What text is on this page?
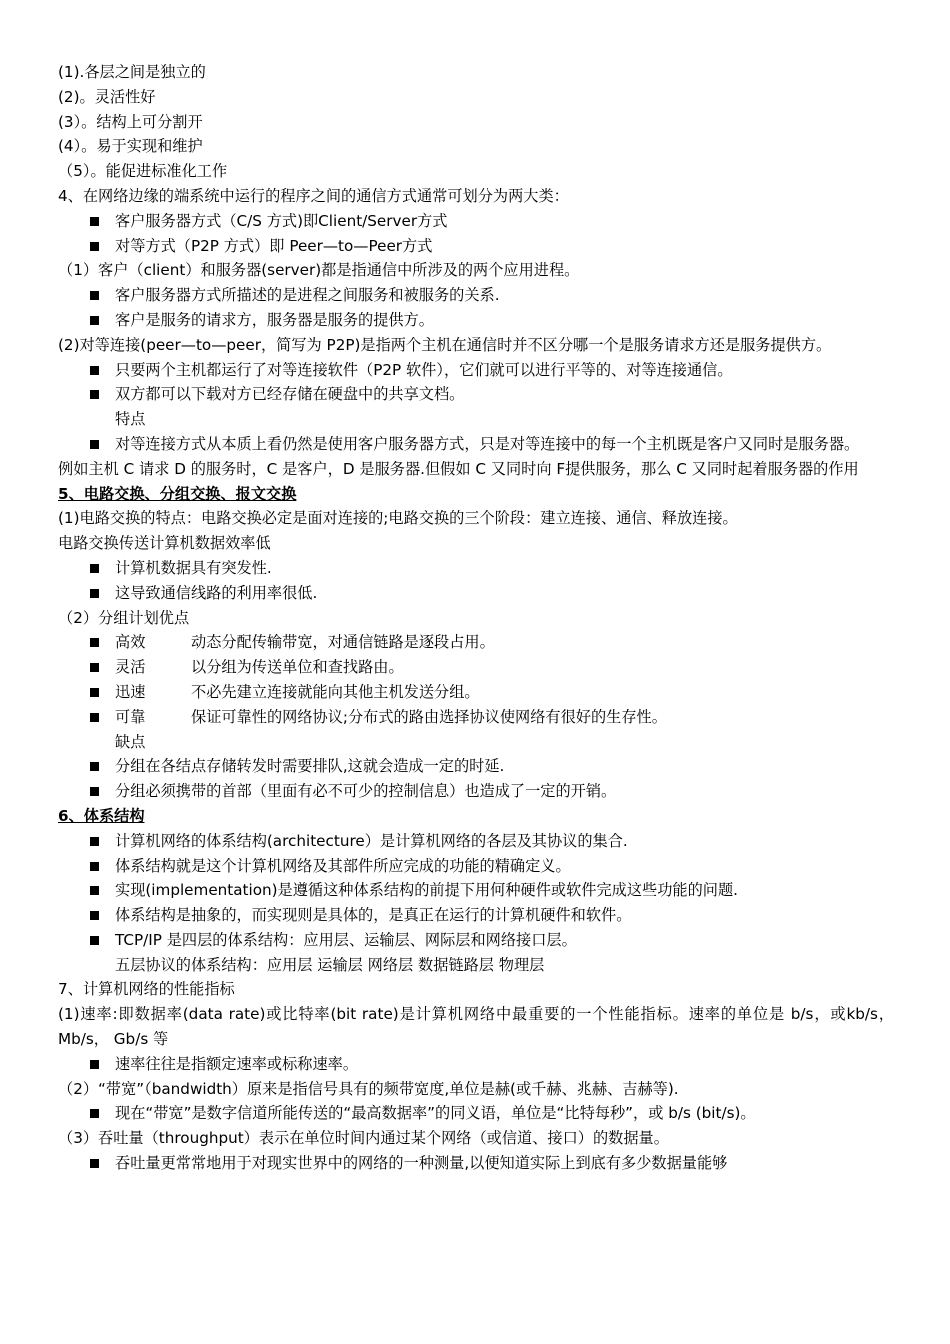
(1).各层之间是独立的
(2)。灵活性好
(3）。结构上可分割开
(4）。易于实现和维护
（5）。能促进标准化工作
4、在网络边缘的端系统中运行的程序之间的通信方式通常可划分为两大类：
客户服务器方式（C/S 方式)即Client/Server方式
对等方式（P2P 方式）即 Peer—to—Peer方式
（1）客户（client）和服务器(server)都是指通信中所涉及的两个应用进程。
客户服务器方式所描述的是进程之间服务和被服务的关系.
客户是服务的请求方，服务器是服务的提供方。
(2)对等连接(peer—to—peer，简写为 P2P)是指两个主机在通信时并不区分哪一个是服务请求方还是服务提供方。
只要两个主机都运行了对等连接软件（P2P 软件），它们就可以进行平等的、对等连接通信。
双方都可以下载对方已经存储在硬盘中的共享文档。
特点
对等连接方式从本质上看仍然是使用客户服务器方式，只是对等连接中的每一个主机既是客户又同时是服务器。
例如主机 C 请求 D 的服务时，C 是客户，D 是服务器.但假如 C 又同时向 F提供服务，那么 C 又同时起着服务器的作用
5、电路交换、分组交换、报文交换
(1)电路交换的特点：电路交换必定是面对连接的;电路交换的三个阶段：建立连接、通信、释放连接。
电路交换传送计算机数据效率低
计算机数据具有突发性.
这导致通信线路的利用率很低.
（2）分组计划优点
高效	动态分配传输带宽，对通信链路是逐段占用。
灵活	以分组为传送单位和查找路由。
迅速	不必先建立连接就能向其他主机发送分组。
可靠	保证可靠性的网络协议;分布式的路由选择协议使网络有很好的生存性。
缺点
分组在各结点存储转发时需要排队,这就会造成一定的时延.
分组必须携带的首部（里面有必不可少的控制信息）也造成了一定的开销。
6、体系结构
计算机网络的体系结构(architecture）是计算机网络的各层及其协议的集合.
体系结构就是这个计算机网络及其部件所应完成的功能的精确定义。
实现(implementation)是遵循这种体系结构的前提下用何种硬件或软件完成这些功能的问题.
体系结构是抽象的，而实现则是具体的，是真正在运行的计算机硬件和软件。
TCP/IP 是四层的体系结构：应用层、运输层、网际层和网络接口层。
五层协议的体系结构：应用层 运输层 网络层 数据链路层 物理层
7、计算机网络的性能指标
(1)速率:即数据率(data rate)或比特率(bit rate)是计算机网络中最重要的一个性能指标。速率的单位是 b/s，或kb/s， Mb/s， Gb/s 等
速率往往是指额定速率或标称速率。
（2）“带宽”（bandwidth）原来是指信号具有的频带宽度,单位是赫(或千赫、兆赫、吉赫等).
现在“带宽”是数字信道所能传送的“最高数据率”的同义语，单位是“比特每秒”，或 b/s (bit/s)。
（3）吞吐量（throughput）表示在单位时间内通过某个网络（或信道、接口）的数据量。
吞吐量更常常地用于对现实世界中的网络的一种测量,以便知道实际上到底有多少数据量能够
